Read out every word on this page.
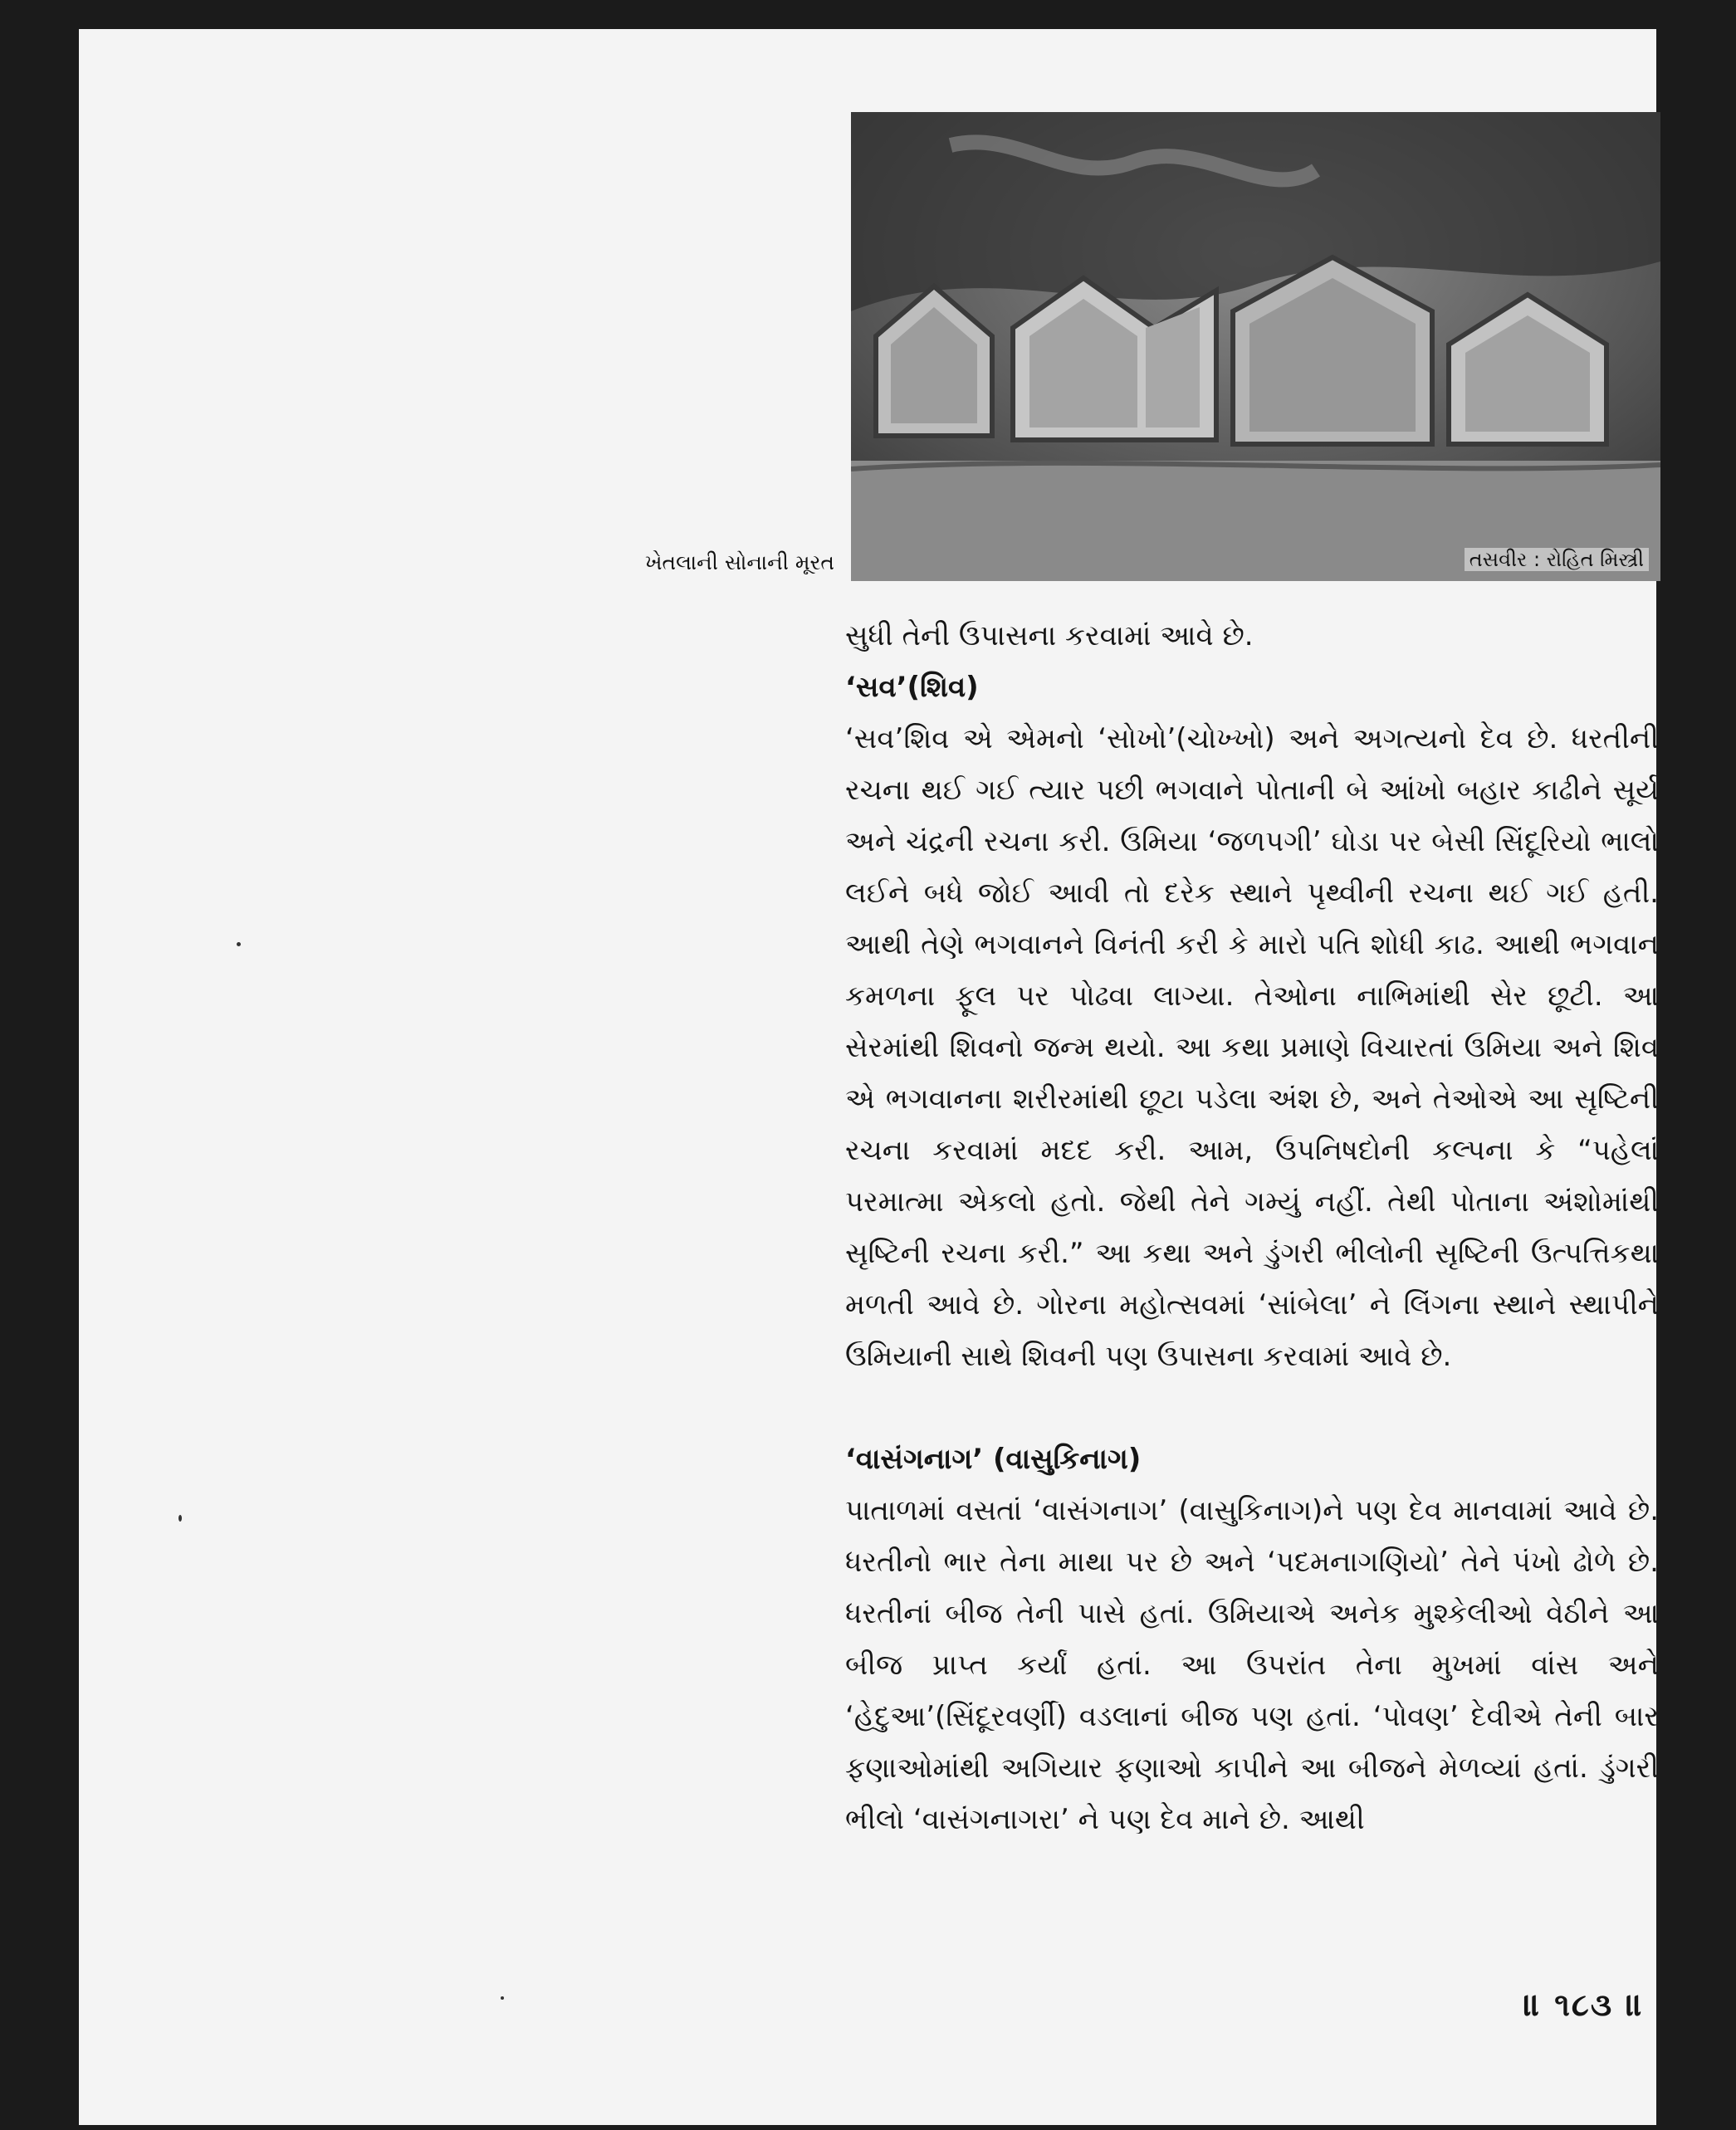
તસવીર : રોહિત મિસ્ત્રી
ખેતલાની સોનાની મૂરત

સુધી તેની ઉપાસના કરવામાં આવે છે.

‘સવ’(શિવ)

‘સવ’શિવ એ એમનો ‘સોખો’(ચોખ્ખો) અને અગત્યનો દેવ છે. ધરતીની રચના થઈ ગઈ ત્યાર પછી ભગવાને પોતાની બે આંખો બહાર કાઢીને સૂર્ય અને ચંદ્રની રચના કરી. ઉમિયા ‘જળપગી’ ઘોડા પર બેસી સિંદૂરિયો ભાલો લઈને બધે જોઈ આવી તો દરેક સ્થાને પૃથ્વીની રચના થઈ ગઈ હતી. આથી તેણે ભગવાનને વિનંતી કરી કે મારો પતિ શોધી કાઢ. આથી ભગવાન કમળના ફૂલ પર પોઢવા લાગ્યા. તેઓના નાભિમાંથી સેર છૂટી. આ સેરમાંથી શિવનો જન્મ થયો. આ કથા પ્રમાણે વિચારતાં ઉમિયા અને શિવ એ ભગવાનના શરીરમાંથી છૂટા પડેલા અંશ છે, અને તેઓએ આ સૃષ્ટિની રચના કરવામાં મદદ કરી. આમ, ઉપનિષદોની કલ્પના કે “પહેલાં પરમાત્મા એકલો હતો. જેથી તેને ગમ્યું નહીં. તેથી પોતાના અંશોમાંથી સૃષ્ટિની રચના કરી.” આ કથા અને ડુંગરી ભીલોની સૃષ્ટિની ઉત્પત્તિકથા મળતી આવે છે. ગોરના મહોત્સવમાં ‘સાંબેલા’ ને લિંગના સ્થાને સ્થાપીને ઉમિયાની સાથે શિવની પણ ઉપાસના કરવામાં આવે છે.

‘વાસંગનાગ’ (વાસુકિનાગ)

પાતાળમાં વસતાં ‘વાસંગનાગ’ (વાસુકિનાગ)ને પણ દેવ માનવામાં આવે છે. ધરતીનો ભાર તેના માથા પર છે અને ‘પદમનાગણિયો’ તેને પંખો ઢોળે છે. ધરતીનાં બીજ તેની પાસે હતાં. ઉમિયાએ અનેક મુશ્કેલીઓ વેઠીને આ બીજ પ્રાપ્ત કર્યાં હતાં. આ ઉપરાંત તેના મુખમાં વાંસ અને ‘હેદુઆ’(સિંદૂરવર્ણી) વડલાનાં બીજ પણ હતાં. ‘પોવણ’ દેવીએ તેની બાર ફણાઓમાંથી અગિયાર ફણાઓ કાપીને આ બીજને મેળવ્યાં હતાં. ડુંગરી ભીલો ‘વાસંગનાગરા’ ને પણ દેવ માને છે. આથી

॥ ૧૮૩ ॥
